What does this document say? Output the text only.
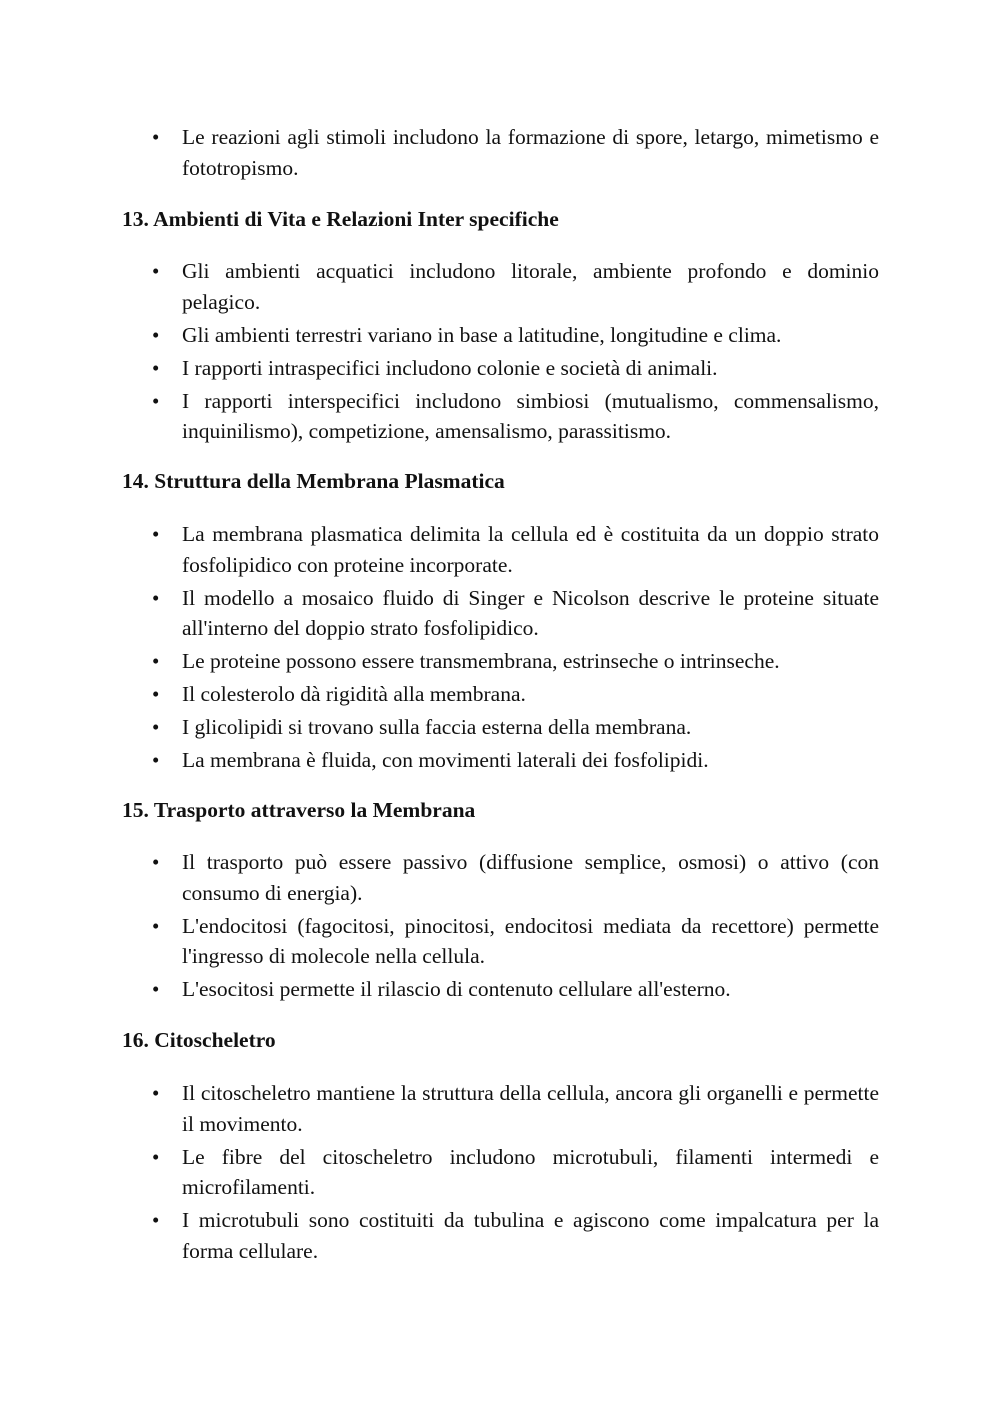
•	Le reazioni agli stimoli includono la formazione di spore, letargo, mimetismo e fototropismo.
13. Ambienti di Vita e Relazioni Inter specifiche
•	Gli ambienti acquatici includono litorale, ambiente profondo e dominio pelagico.
•	Gli ambienti terrestri variano in base a latitudine, longitudine e clima.
•	I rapporti intraspecifici includono colonie e società di animali.
•	I rapporti interspecifici includono simbiosi (mutualismo, commensalismo, inquinilismo), competizione, amensalismo, parassitismo.
14. Struttura della Membrana Plasmatica
•	La membrana plasmatica delimita la cellula ed è costituita da un doppio strato fosfolipidico con proteine incorporate.
•	Il modello a mosaico fluido di Singer e Nicolson descrive le proteine situate all'interno del doppio strato fosfolipidico.
•	Le proteine possono essere transmembrana, estrinseche o intrinseche.
•	Il colesterolo dà rigidità alla membrana.
•	I glicolipidi si trovano sulla faccia esterna della membrana.
•	La membrana è fluida, con movimenti laterali dei fosfolipidi.
15. Trasporto attraverso la Membrana
•	Il trasporto può essere passivo (diffusione semplice, osmosi) o attivo (con consumo di energia).
•	L'endocitosi (fagocitosi, pinocitosi, endocitosi mediata da recettore) permette l'ingresso di molecole nella cellula.
•	L'esocitosi permette il rilascio di contenuto cellulare all'esterno.
16. Citoscheletro
•	Il citoscheletro mantiene la struttura della cellula, ancora gli organelli e permette il movimento.
•	Le fibre del citoscheletro includono microtubuli, filamenti intermedi e microfilamenti.
•	I microtubuli sono costituiti da tubulina e agiscono come impalcatura per la forma cellulare.
